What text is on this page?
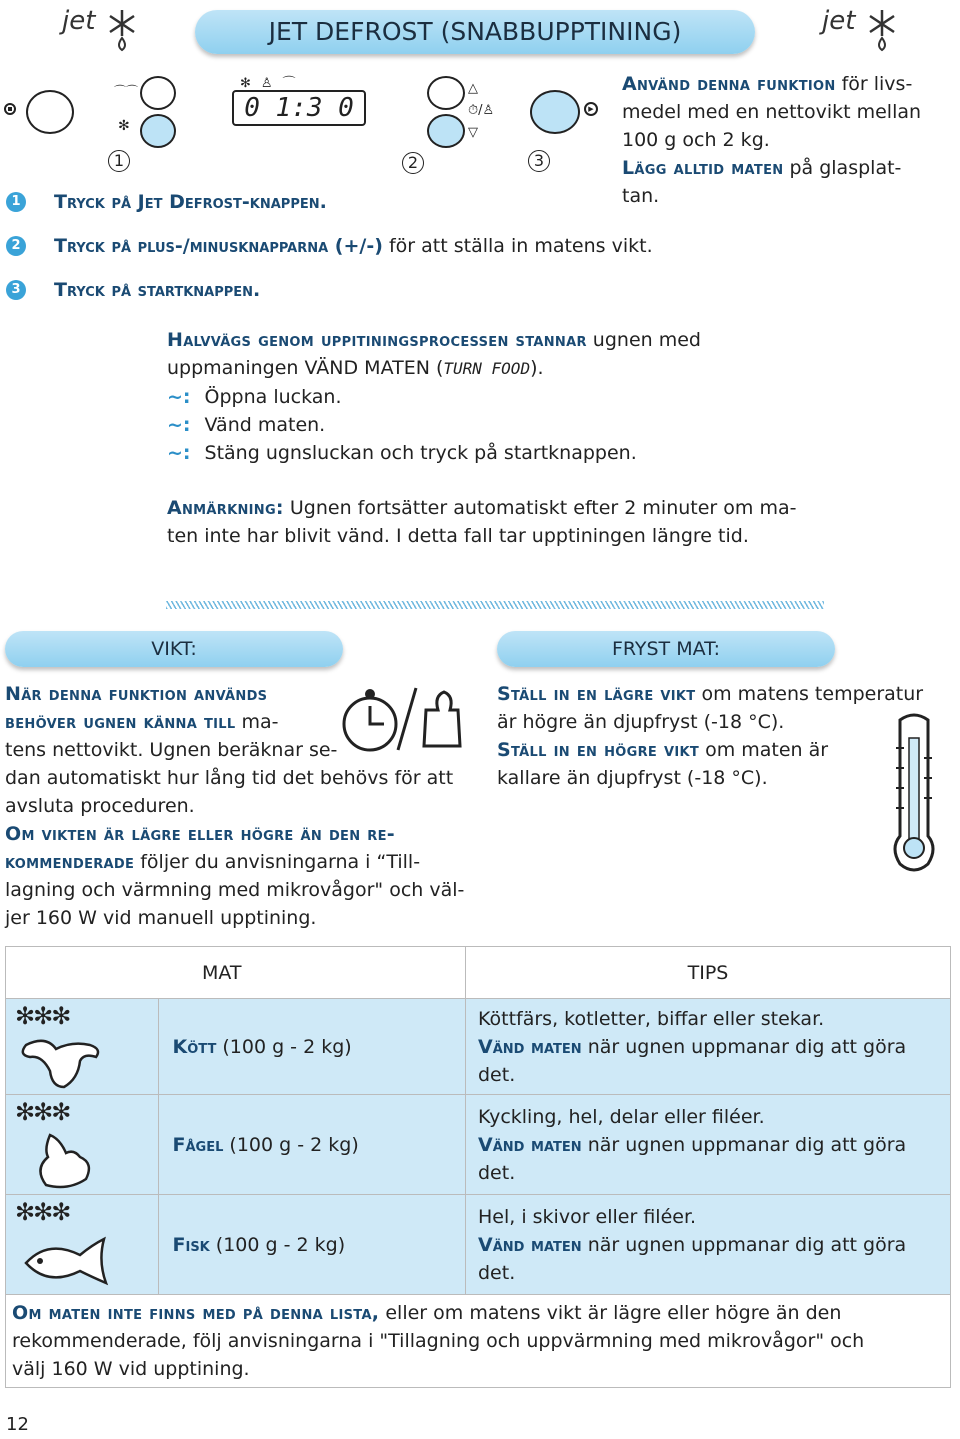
jet	jet
JET DEFROST (SNABBUPPTINING)
⌒⌒
✻
✻♙⌒
0 1:3 0
△
⏱/♙
▽
▶
1	2	3
Använd denna funktion för livs-
medel med en nettovikt mellan
100 g och 2 kg.
Lägg alltid maten på glasplat-
tan.
1 Tryck på Jet Defrost-knappen.
2 Tryck på plus-/minusknapparna (+/-) för att ställa in matens vikt.
3 Tryck på startknappen.
Halvvägs genom uppitiningsprocessen stannar ugnen med
uppmaningen VÄND MATEN (TURN FOOD).
~: Öppna luckan.
~: Vänd maten.
~: Stäng ugnsluckan och tryck på startknappen.
Anmärkning: Ugnen fortsätter automatiskt efter 2 minuter om ma-
ten inte har blivit vänd. I detta fall tar upptiningen längre tid.
VIKT:
När denna funktion används
behöver ugnen känna till ma-
tens nettovikt. Ugnen beräknar se-
dan automatiskt hur lång tid det behövs för att
avsluta proceduren.
Om vikten är lägre eller högre än den re-
kommenderade följer du anvisningarna i “Till-
lagning och värmning med mikrovågor" och väl-
jer 160 W vid manuell upptining.
FRYST MAT:
Ställ in en lägre vikt om matens temperatur
är högre än djupfryst (-18 °C).
Ställ in en högre vikt om maten är
kallare än djupfryst (-18 °C).
	MAT	TIPS

✻✻✻	Kött (100 g - 2 kg)	Köttfärs, kotletter, biffar eller stekar.
Vänd maten när ugnen uppmanar dig att göra det.

✻✻✻	Fågel (100 g - 2 kg)	Kyckling, hel, delar eller filéer.
Vänd maten när ugnen uppmanar dig att göra det.

✻✻✻	Fisk (100 g - 2 kg)	Hel, i skivor eller filéer.
Vänd maten när ugnen uppmanar dig att göra det.

Om maten inte finns med på denna lista, eller om matens vikt är lägre eller högre än den
rekommenderade, följ anvisningarna i "Tillagning och uppvärmning med mikrovågor" och
välj 160 W vid upptining.		
12
